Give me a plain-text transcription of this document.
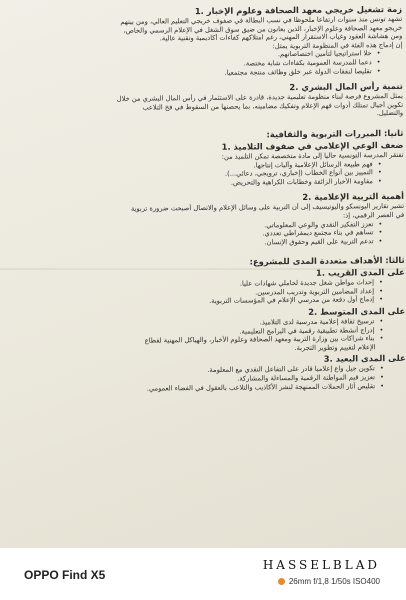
زمة تشغيل خريجي معهد الصحافة وعلوم الإخبار .1
تشهد تونس منذ سنوات ارتفاعا ملحوظا في نسب البطالة في صفوف خريجي التعليم العالي، ومن بينهم
خريجو معهد الصحافة وعلوم الإخبار، الذين يعانون من ضيق سوق الشغل في الإعلام الرسمي والخاص،
ومن هشاشة العقود وغياب الاستقرار المهني، رغم امتلاكهم كفاءات أكاديمية وتقنية عالية.
إن إدماج هذه الفئة في المنظومة التربوية يمثل:
• حلا استراتيجيا لتأمين اختصاصاتهم.
• دعما للمدرسة العمومية بكفاءات شابة مختصة.
• تقليصا لنفقات الدولة عبر خلق وظائف منتجة مجتمعيا.
تنمية رأس المال البشري .2
يمثل المشروع فرصة لبناء منظومة تعليمية جديدة، قادرة على الاستثمار في رأس المال البشري من خلال
تكوين أجيال تمتلك أدوات فهم الإعلام وتفكيك مضامينه، بما يحصنها من السقوط في فخ التلاعب
والتضليل.
ثانيا: المبررات التربوية والثقافية:
ضعف الوعي الإعلامي في صفوف التلاميذ .1
تفتقر المدرسة التونسية حاليا إلى مادة متخصصة تمكن التلميذ من:
• فهم طبيعة الرسائل الإعلامية وآليات إنتاجها.
• التمييز بين أنواع الخطاب (إخباري، ترويجي، دعائي...).
• مقاومة الأخبار الزائفة وخطابات الكراهية والتحريض.
أهمية التربية الإعلامية .2
تشير تقارير اليونسكو واليونيسيف إلى أن التربية على وسائل الإعلام والاتصال أصبحت ضرورة تربوية
في العصر الرقمي، إذ:
• تعزز التفكير النقدي والوعي المعلوماتي.
• تساهم في بناء مجتمع ديمقراطي تعددي.
• تدعم التربية على القيم وحقوق الإنسان.
ثالثا: الأهداف متعددة المدى للمشروع:
على المدى القريب .1
• إحداث مواطن شغل جديدة لحاملي شهادات عليا.
• إعداد المضامين التربوية وتدريب المدرسين.
• إدماج أول دفعة من مدرسي الإعلام في المؤسسات التربوية.
على المدى المتوسط .2
• ترسيخ ثقافة إعلامية مدرسية لدى التلاميذ.
• إدراج أنشطة تطبيقية رقمية في البرامج التعليمية.
• بناء شراكات بين وزارة التربية ومعهد الصحافة وعلوم الأخبار، والهياكل المهنية لقطاع
الإعلام لتقييم وتطوير التجربة.
على المدى البعيد .3
• تكوين جيل واع إعلاميا قادر على التفاعل النقدي مع المعلومة.
• تعزيز قيم المواطنة الرقمية والمساءلة والمشاركة.
• تقليص آثار الحملات الممنهجة لنشر الأكاذيب والتلاعب بالعقول في الفضاء العمومي.
OPPO Find X5
HASSELBLAD
26mm f/1,8 1/50s ISO400
